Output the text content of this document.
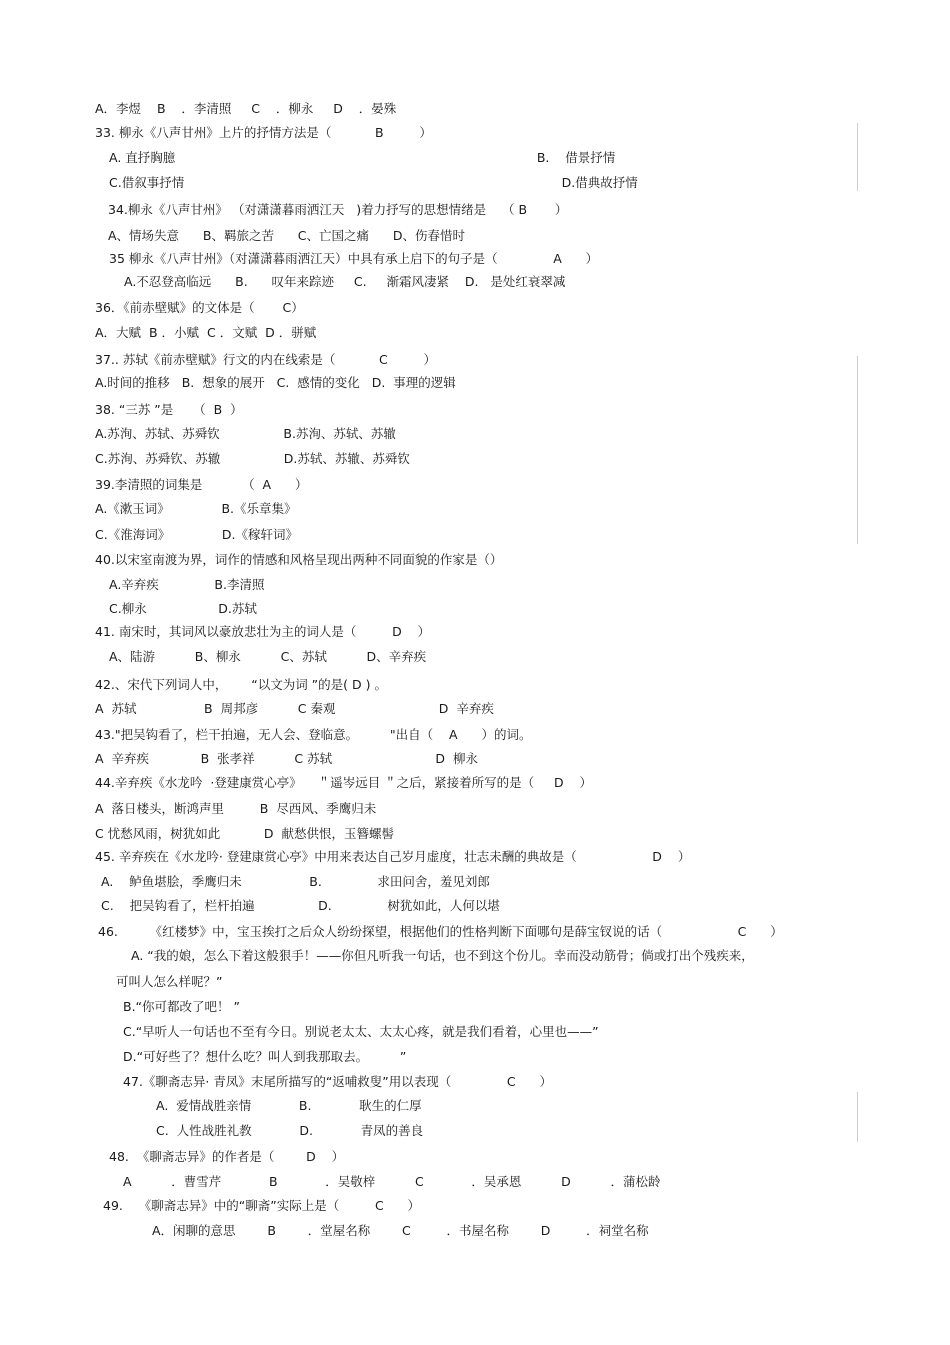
A．李煜    B    ．李清照     C    ．柳永     D    ．晏殊
33. 柳永《八声甘州》上片的抒情方法是（           B         ）
A. 直抒胸臆                                                                                           B.    借景抒情
C.借叙事抒情                                                                                               D.借典故抒情
34.柳永《八声甘州》 （对潇潇暮雨洒江天   )着力抒写的思想情绪是    （ B       ）
A、情场失意      B、羁旅之苦      C、亡国之痛      D、伤春惜时
35 柳永《八声甘州》（对潇潇暮雨洒江天）中具有承上启下的句子是（              A      ）
A.不忍登高临远      B.      叹年来踪迹     C.     渐霜风凄紧    D.   是处红衰翠减
36．《前赤壁赋》的文体是（       C）
A．大赋  B ．小赋  C ．文赋  D ．骈赋
37.. 苏轼《前赤壁赋》行文的内在线索是（           C         ）
A.时间的推移   B.  想象的展开   C.  感情的变化   D.  事理的逻辑
38. “三苏 ”是     （  B  ）
A.苏洵、苏轼、苏舜钦                B.苏洵、苏轼、苏辙
C.苏洵、苏舜钦、苏辙                D.苏轼、苏辙、苏舜钦
39.李清照的词集是          （  A      ）
A.《漱玉词》             B.《乐章集》
C.《淮海词》             D.《稼轩词》
40.以宋室南渡为界，词作的情感和风格呈现出两种不同面貌的作家是（）
A.辛弃疾              B.李清照
C.柳永                  D.苏轼
41. 南宋时，其词风以豪放悲壮为主的词人是（         D    ）
A、陆游          B、柳永          C、苏轼          D、辛弃疾
42.、宋代下列词人中，      “以文为词 ”的是( D ) 。
A  苏轼                 B  周邦彦          C 秦观                          D  辛弃疾
43."把吴钩看了，栏干拍遍，无人会、登临意。        "出自（    A      ）的词。
A  辛弃疾             B  张孝祥          C 苏轼                          D  柳永
44.辛弃疾《水龙吟  ·登建康赏心亭》    ＂遥岑远目 ＂之后，紧接着所写的是（     D    ）
A  落日楼头，断鸿声里         B  尽西风、季鹰归未
C 忧愁风雨，树犹如此           D  献愁供恨，玉簪螺髻
45. 辛弃疾在《水龙吟· 登建康赏心亭》中用来表达自己岁月虚度，壮志未酬的典故是（                   D    ）
A.    鲈鱼堪脍，季鹰归未                 B.              求田问舍，羞见刘郎
C.    把吴钩看了，栏杆拍遍                D.              树犹如此，人何以堪
46.        《红楼梦》中，宝玉挨打之后众人纷纷探望，根据他们的性格判断下面哪句是薛宝钗说的话（                   C      ）
A. “我的娘，怎么下着这般狠手！——你但凡听我一句话，也不到这个份儿。幸而没动筋骨；倘或打出个残疾来，
可叫人怎么样呢？”
B.“你可都改了吧！ ”
C.“早听人一句话也不至有今日。别说老太太、太太心疼，就是我们看着，心里也——”
D.“可好些了？想什么吃？叫人到我那取去。        ”
47.《聊斋志异· 青凤》末尾所描写的“返哺救叟”用以表现（              C      ）
A.  爱情战胜亲情            B.            耿生的仁厚
C.  人性战胜礼教            D.            青凤的善良
48.  《聊斋志异》的作者是（        D    ）
A          ．曹雪芹            B            ．吴敬梓          C            ．吴承恩          D          ．蒲松龄
49.    《聊斋志异》中的“聊斋”实际上是（         C      ）
A．闲聊的意思        B        ．堂屋名称        C         ．书屋名称        D         ．祠堂名称
